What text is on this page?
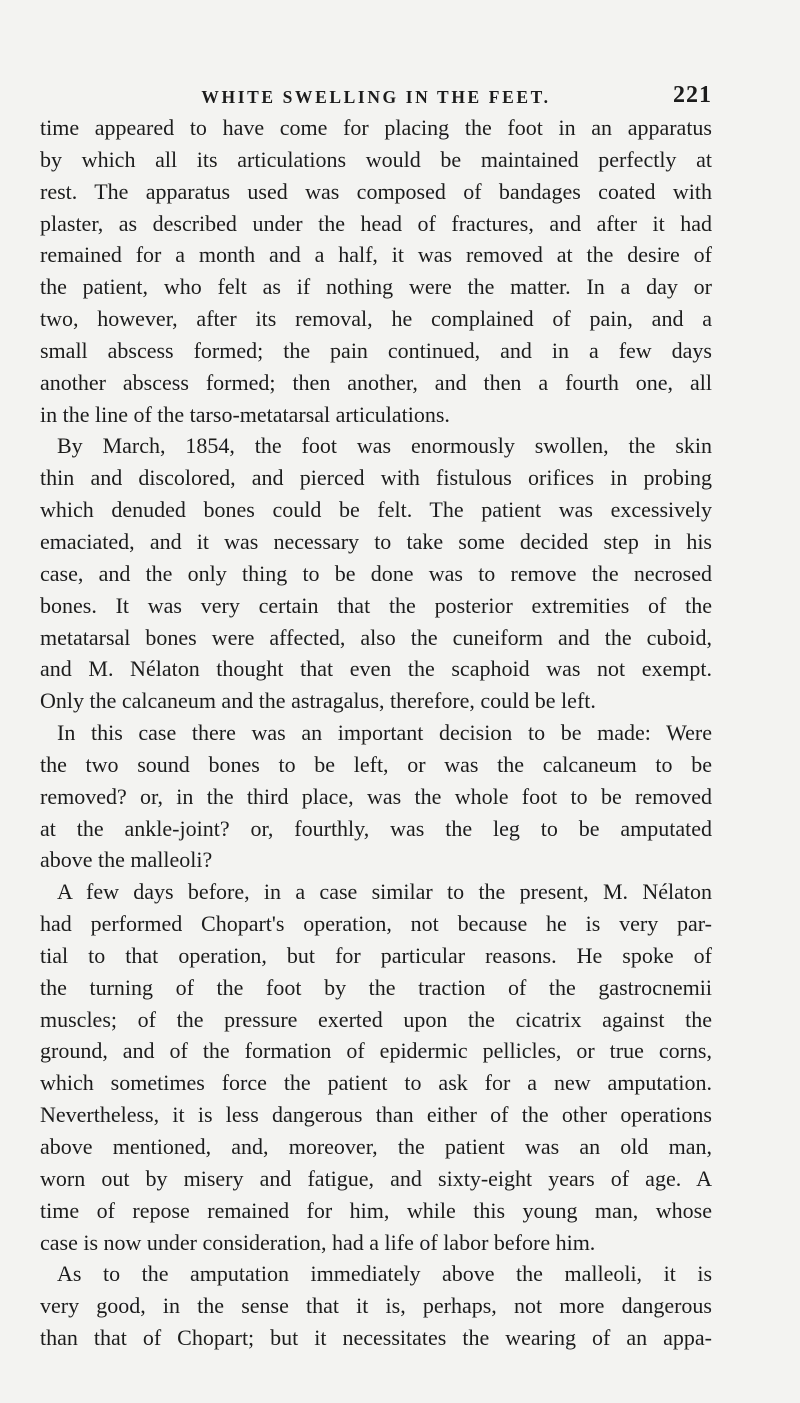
WHITE SWELLING IN THE FEET.	221
time appeared to have come for placing the foot in an apparatus
by which all its articulations would be maintained perfectly at
rest. The apparatus used was composed of bandages coated with
plaster, as described under the head of fractures, and after it had
remained for a month and a half, it was removed at the desire of
the patient, who felt as if nothing were the matter. In a day or
two, however, after its removal, he complained of pain, and a
small abscess formed; the pain continued, and in a few days
another abscess formed; then another, and then a fourth one, all
in the line of the tarso-metatarsal articulations.
By March, 1854, the foot was enormously swollen, the skin
thin and discolored, and pierced with fistulous orifices in probing
which denuded bones could be felt. The patient was excessively
emaciated, and it was necessary to take some decided step in his
case, and the only thing to be done was to remove the necrosed
bones. It was very certain that the posterior extremities of the
metatarsal bones were affected, also the cuneiform and the cuboid,
and M. Nélaton thought that even the scaphoid was not exempt.
Only the calcaneum and the astragalus, therefore, could be left.
In this case there was an important decision to be made: Were
the two sound bones to be left, or was the calcaneum to be
removed? or, in the third place, was the whole foot to be removed
at the ankle-joint? or, fourthly, was the leg to be amputated
above the malleoli?
A few days before, in a case similar to the present, M. Nélaton
had performed Chopart's operation, not because he is very par-
tial to that operation, but for particular reasons. He spoke of
the turning of the foot by the traction of the gastrocnemii
muscles; of the pressure exerted upon the cicatrix against the
ground, and of the formation of epidermic pellicles, or true corns,
which sometimes force the patient to ask for a new amputation.
Nevertheless, it is less dangerous than either of the other operations
above mentioned, and, moreover, the patient was an old man,
worn out by misery and fatigue, and sixty-eight years of age. A
time of repose remained for him, while this young man, whose
case is now under consideration, had a life of labor before him.
As to the amputation immediately above the malleoli, it is
very good, in the sense that it is, perhaps, not more dangerous
than that of Chopart; but it necessitates the wearing of an appa-
